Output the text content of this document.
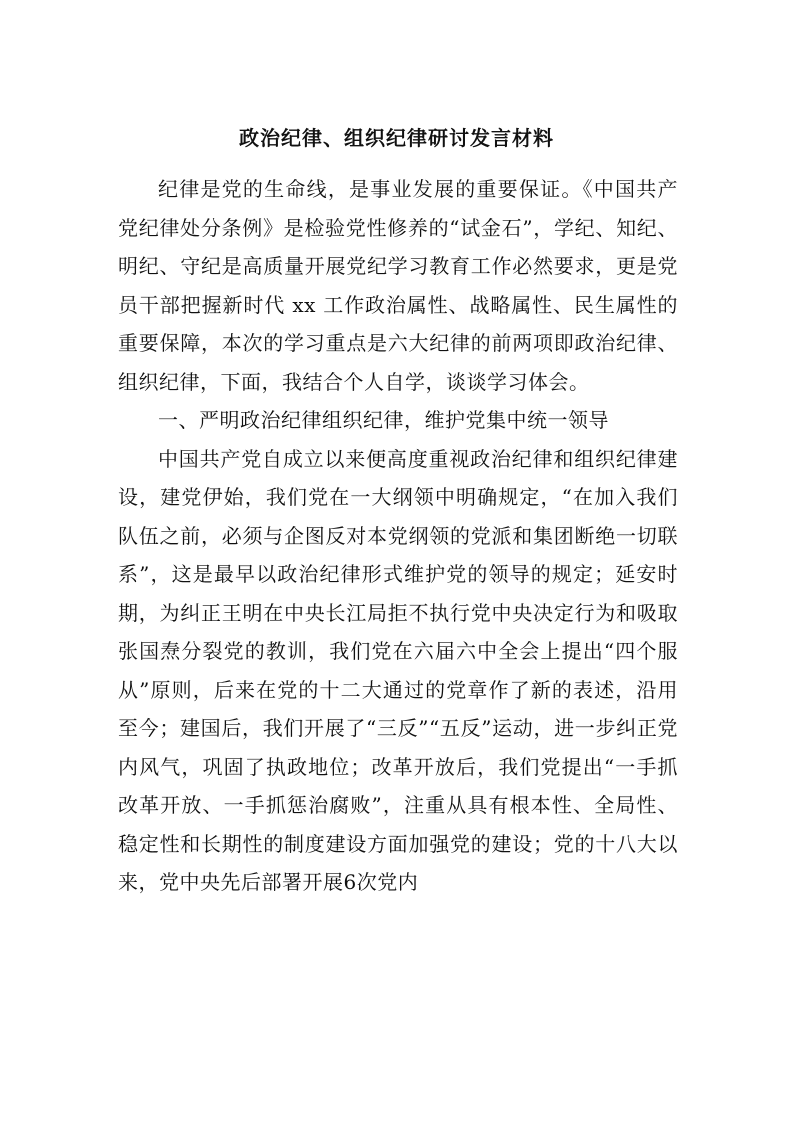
政治纪律、组织纪律研讨发言材料

纪律是党的生命线，是事业发展的重要保证。《中国共产党纪律处分条例》是检验党性修养的“试金石”，学纪、知纪、明纪、守纪是高质量开展党纪学习教育工作必然要求，更是党员干部把握新时代 xx 工作政治属性、战略属性、民生属性的重要保障，本次的学习重点是六大纪律的前两项即政治纪律、组织纪律，下面，我结合个人自学，谈谈学习体会。

一、严明政治纪律组织纪律，维护党集中统一领导

中国共产党自成立以来便高度重视政治纪律和组织纪律建设，建党伊始，我们党在一大纲领中明确规定，“在加入我们队伍之前，必须与企图反对本党纲领的党派和集团断绝一切联系”，这是最早以政治纪律形式维护党的领导的规定；延安时期，为纠正王明在中央长江局拒不执行党中央决定行为和吸取张国焘分裂党的教训，我们党在六届六中全会上提出“四个服从”原则，后来在党的十二大通过的党章作了新的表述，沿用至今；建国后，我们开展了“三反”“五反”运动，进一步纠正党内风气，巩固了执政地位；改革开放后，我们党提出“一手抓改革开放、一手抓惩治腐败”，注重从具有根本性、全局性、稳定性和长期性的制度建设方面加强党的建设；党的十八大以来，党中央先后部署开展6次党内
